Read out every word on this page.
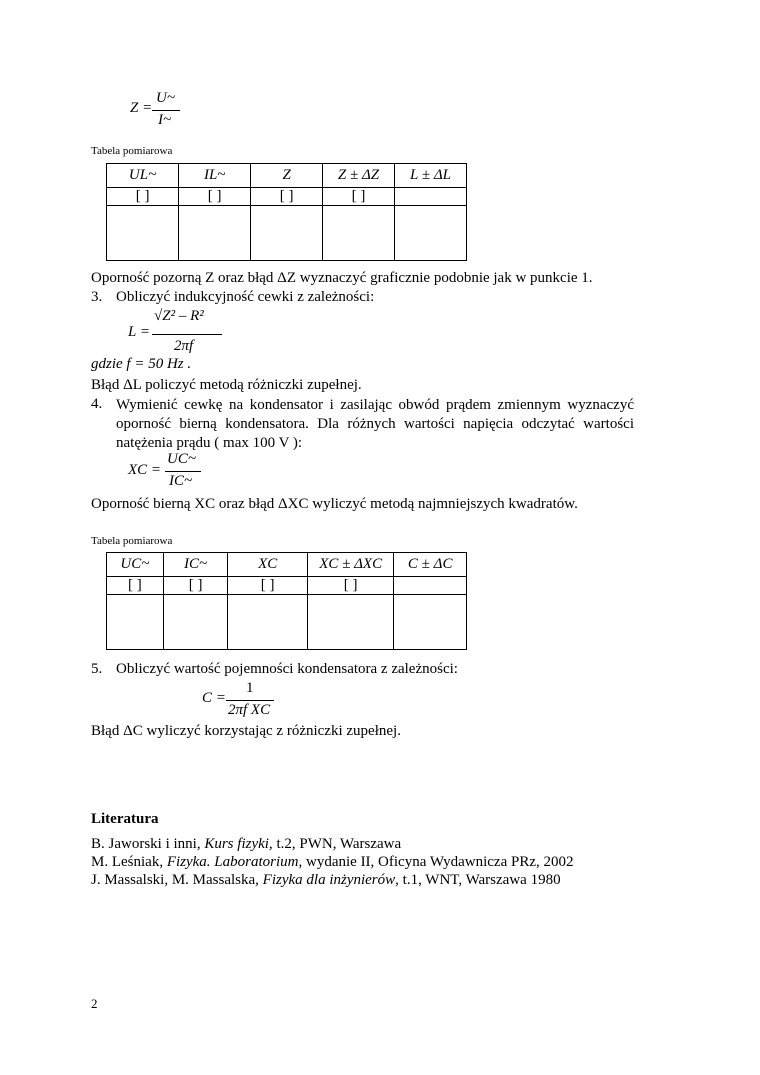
Z =
U~
I~
Tabela pomiarowa
UL~	IL~	Z	Z ± ΔZ	L ± ΔL
[ ]	[ ]	[ ]	[ ]	

Oporność pozorną Z oraz błąd ΔZ wyznaczyć graficznie podobnie jak w punkcie 1.
3. Obliczyć indukcyjność cewki z zależności:
L =
√Z² – R²
2πf
gdzie f = 50 Hz .
Błąd ΔL policzyć metodą różniczki zupełnej.
4. Wymienić cewkę na kondensator i zasilając obwód prądem zmiennym wyznaczyć oporność bierną kondensatora. Dla różnych wartości napięcia odczytać wartości natężenia prądu ( max 100 V ):
XC =
UC~
IC~
Oporność bierną XC oraz błąd ΔXC wyliczyć metodą najmniejszych kwadratów.
Tabela pomiarowa
UC~	IC~	XC	XC ± ΔXC	C ± ΔC
[ ]	[ ]	[ ]	[ ]	

5. Obliczyć wartość pojemności kondensatora z zależności:
C =
1
2πf XC
Błąd ΔC wyliczyć korzystając z różniczki zupełnej.
Literatura
B. Jaworski i inni, Kurs fizyki, t.2, PWN, Warszawa
M. Leśniak, Fizyka. Laboratorium, wydanie II, Oficyna Wydawnicza PRz, 2002
J. Massalski, M. Massalska, Fizyka dla inżynierów, t.1, WNT, Warszawa 1980
2
